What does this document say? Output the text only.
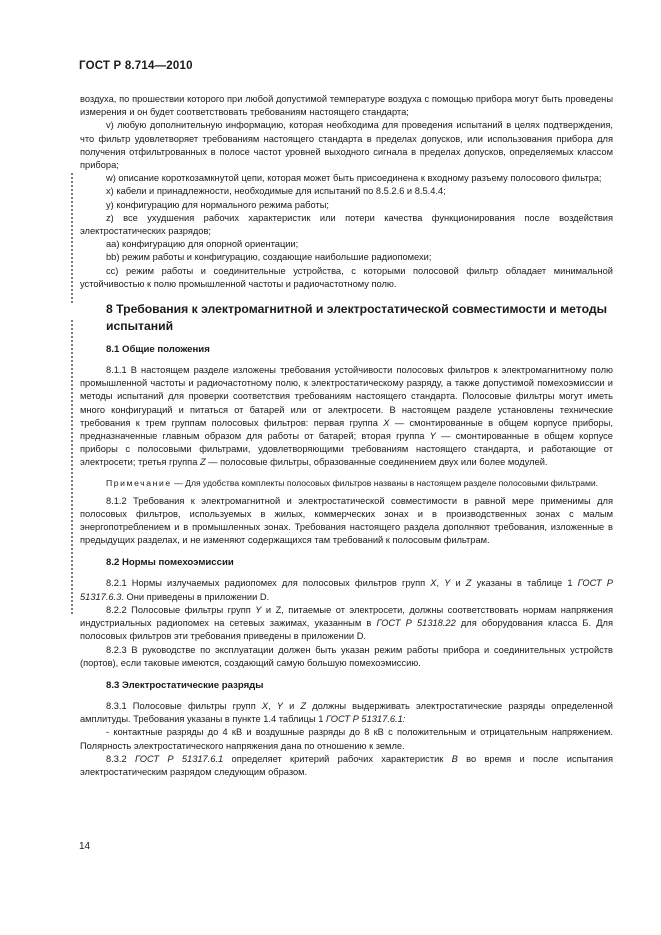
ГОСТ Р 8.714—2010

воздуха, по прошествии которого при любой допустимой температуре воздуха с помощью прибора могут быть проведены измерения и он будет соответствовать требованиям настоящего стандарта;

v) любую дополнительную информацию, которая необходима для проведения испытаний в целях подтверждения, что фильтр удовлетворяет требованиям настоящего стандарта в пределах допусков, или использования прибора для получения отфильтрованных в полосе частот уровней выходного сигнала в пределах допусков, определяемых классом прибора;

w) описание короткозамкнутой цепи, которая может быть присоединена к входному разъему полосового фильтра;

x) кабели и принадлежности, необходимые для испытаний по 8.5.2.6 и 8.5.4.4;

y) конфигурацию для нормального режима работы;

z) все ухудшения рабочих характеристик или потери качества функционирования после воздействия электростатических разрядов;

aa) конфигурацию для опорной ориентации;

bb) режим работы и конфигурацию, создающие наибольшие радиопомехи;

cc) режим работы и соединительные устройства, с которыми полосовой фильтр обладает минимальной устойчивостью к полю промышленной частоты и радиочастотному полю.

8 Требования к электромагнитной и электростатической совместимости и методы испытаний
8.1 Общие положения

8.1.1 В настоящем разделе изложены требования устойчивости полосовых фильтров к электромагнитному полю промышленной частоты и радиочастотному полю, к электростатическому разряду, а также допустимой помехоэмиссии и методы испытаний для проверки соответствия требованиям настоящего стандарта. Полосовые фильтры могут иметь много конфигураций и питаться от батарей или от электросети. В настоящем разделе установлены технические требования к трем группам полосовых фильтров: первая группа X — смонтированные в общем корпусе приборы, предназначенные главным образом для работы от батарей; вторая группа Y — смонтированные в общем корпусе приборы с полосовыми фильтрами, удовлетворяющими требованиям настоящего стандарта, и работающие от электросети; третья группа Z — полосовые фильтры, образованные соединением двух или более модулей.

Примечание — Для удобства комплекты полосовых фильтров названы в настоящем разделе полосовыми фильтрами.

8.1.2 Требования к электромагнитной и электростатической совместимости в равной мере применимы для полосовых фильтров, используемых в жилых, коммерческих зонах и в производственных зонах с малым энергопотреблением и в промышленных зонах. Требования настоящего раздела дополняют требования, изложенные в предыдущих разделах, и не изменяют содержащихся там требований к полосовым фильтрам.

8.2 Нормы помехоэмиссии

8.2.1 Нормы излучаемых радиопомех для полосовых фильтров групп X, Y и Z указаны в таблице 1 ГОСТ Р 51317.6.3. Они приведены в приложении D.

8.2.2 Полосовые фильтры групп Y и Z, питаемые от электросети, должны соответствовать нормам напряжения индустриальных радиопомех на сетевых зажимах, указанным в ГОСТ Р 51318.22 для оборудования класса Б. Для полосовых фильтров эти требования приведены в приложении D.

8.2.3 В руководстве по эксплуатации должен быть указан режим работы прибора и соединительных устройств (портов), если таковые имеются, создающий самую большую помехоэмиссию.

8.3 Электростатические разряды

8.3.1 Полосовые фильтры групп X, Y и Z должны выдерживать электростатические разряды определенной амплитуды. Требования указаны в пункте 1.4 таблицы 1 ГОСТ Р 51317.6.1:

- контактные разряды до 4 кВ и воздушные разряды до 8 кВ с положительным и отрицательным напряжением. Полярность электростатического напряжения дана по отношению к земле.

8.3.2 ГОСТ Р 51317.6.1 определяет критерий рабочих характеристик В во время и после испытания электростатическим разрядом следующим образом.

14
